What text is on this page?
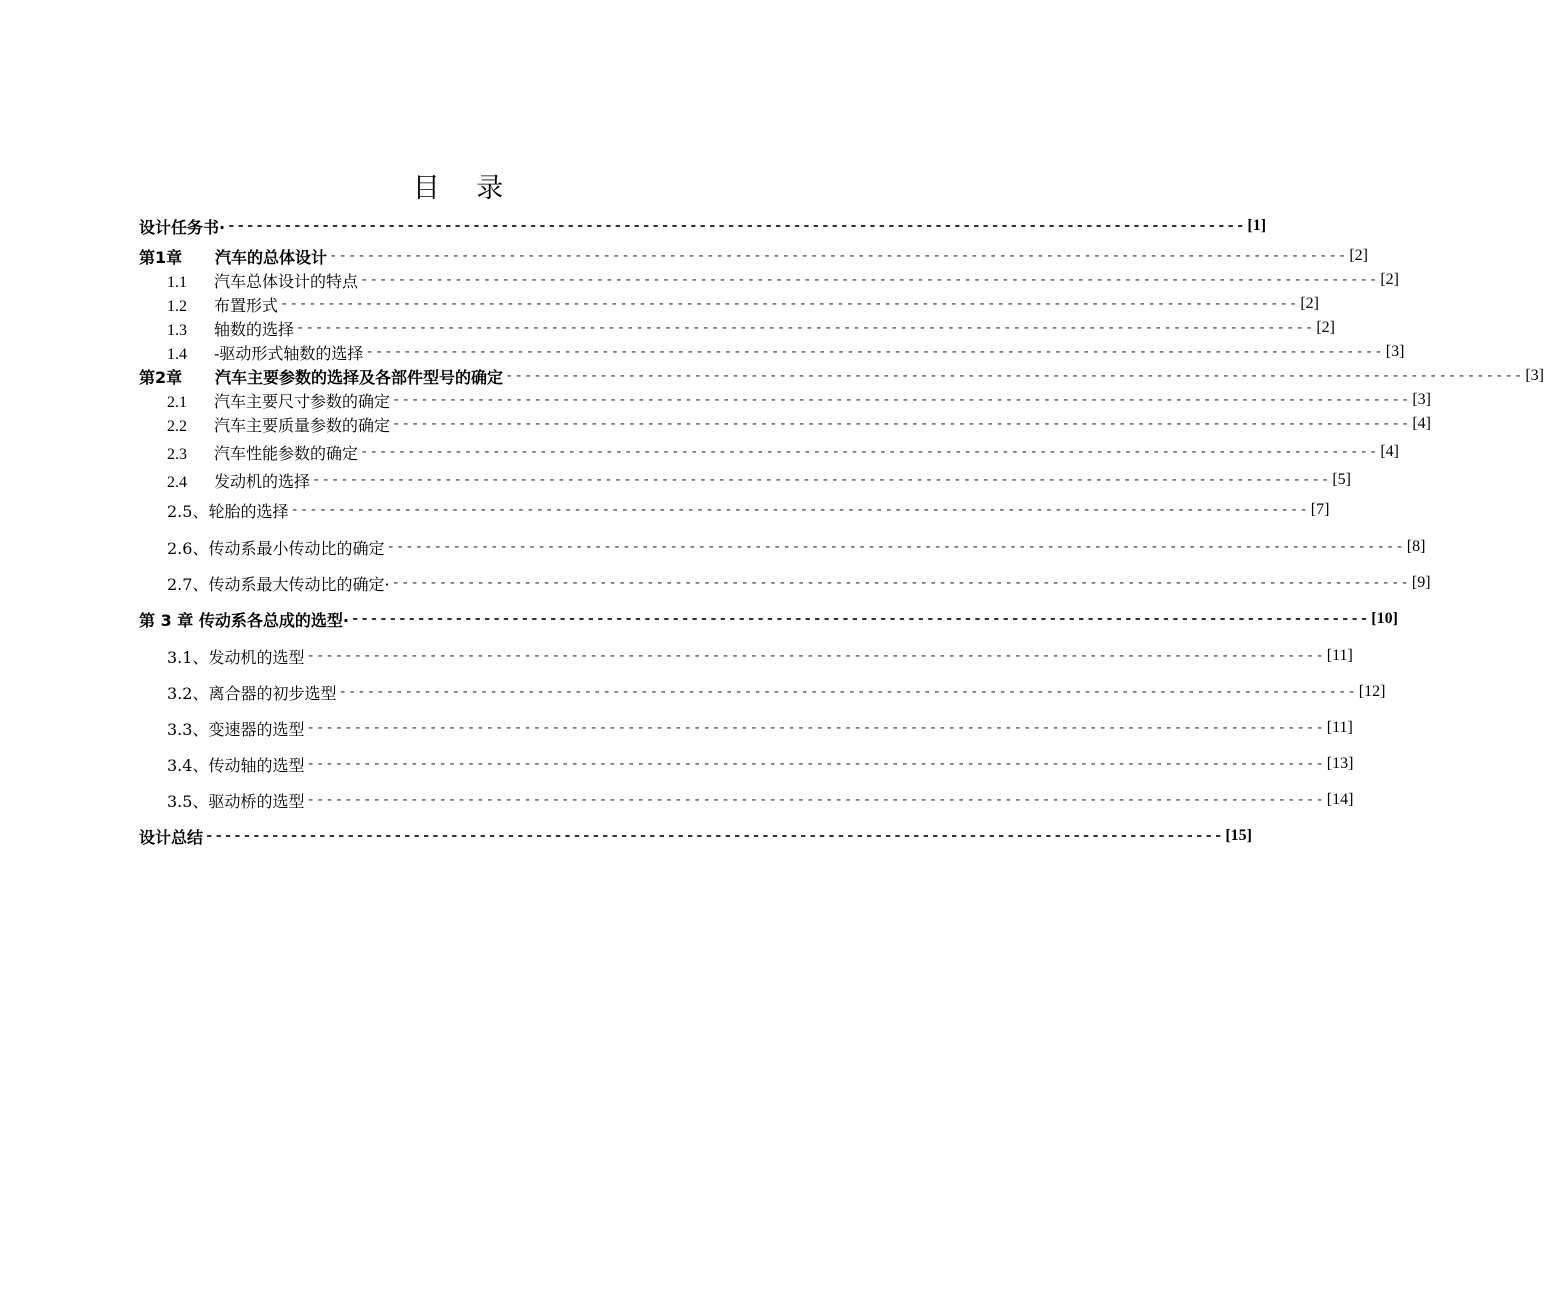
目 录
设计任务书· ------------------------------------------------------------------------------------------------------------ [1]
第1章 汽车的总体设计 ------------------------------------------------------------------------------------------------------------ [2]
1.1 汽车总体设计的特点 ------------------------------------------------------------------------------------------------------------ [2]
1.2 布置形式 ------------------------------------------------------------------------------------------------------------ [2]
1.3 轴数的选择 ------------------------------------------------------------------------------------------------------------ [2]
1.4 -驱动形式轴数的选择 ------------------------------------------------------------------------------------------------------------ [3]
第2章 汽车主要参数的选择及各部件型号的确定 ------------------------------------------------------------------------------------------------------------ [3]
2.1 汽车主要尺寸参数的确定 ------------------------------------------------------------------------------------------------------------ [3]
2.2 汽车主要质量参数的确定 ------------------------------------------------------------------------------------------------------------ [4]
2.3 汽车性能参数的确定 ------------------------------------------------------------------------------------------------------------ [4]
2.4 发动机的选择 ------------------------------------------------------------------------------------------------------------ [5]
2.5、轮胎的选择 ------------------------------------------------------------------------------------------------------------ [7]
2.6、传动系最小传动比的确定 ------------------------------------------------------------------------------------------------------------ [8]
2.7、传动系最大传动比的确定· ------------------------------------------------------------------------------------------------------------ [9]
第 3 章 传动系各总成的选型· ------------------------------------------------------------------------------------------------------------ [10]
3.1、发动机的选型 ------------------------------------------------------------------------------------------------------------ [11]
3.2、离合器的初步选型 ------------------------------------------------------------------------------------------------------------ [12]
3.3、变速器的选型 ------------------------------------------------------------------------------------------------------------ [11]
3.4、传动轴的选型 ------------------------------------------------------------------------------------------------------------ [13]
3.5、驱动桥的选型 ------------------------------------------------------------------------------------------------------------ [14]
设计总结 ------------------------------------------------------------------------------------------------------------ [15]
